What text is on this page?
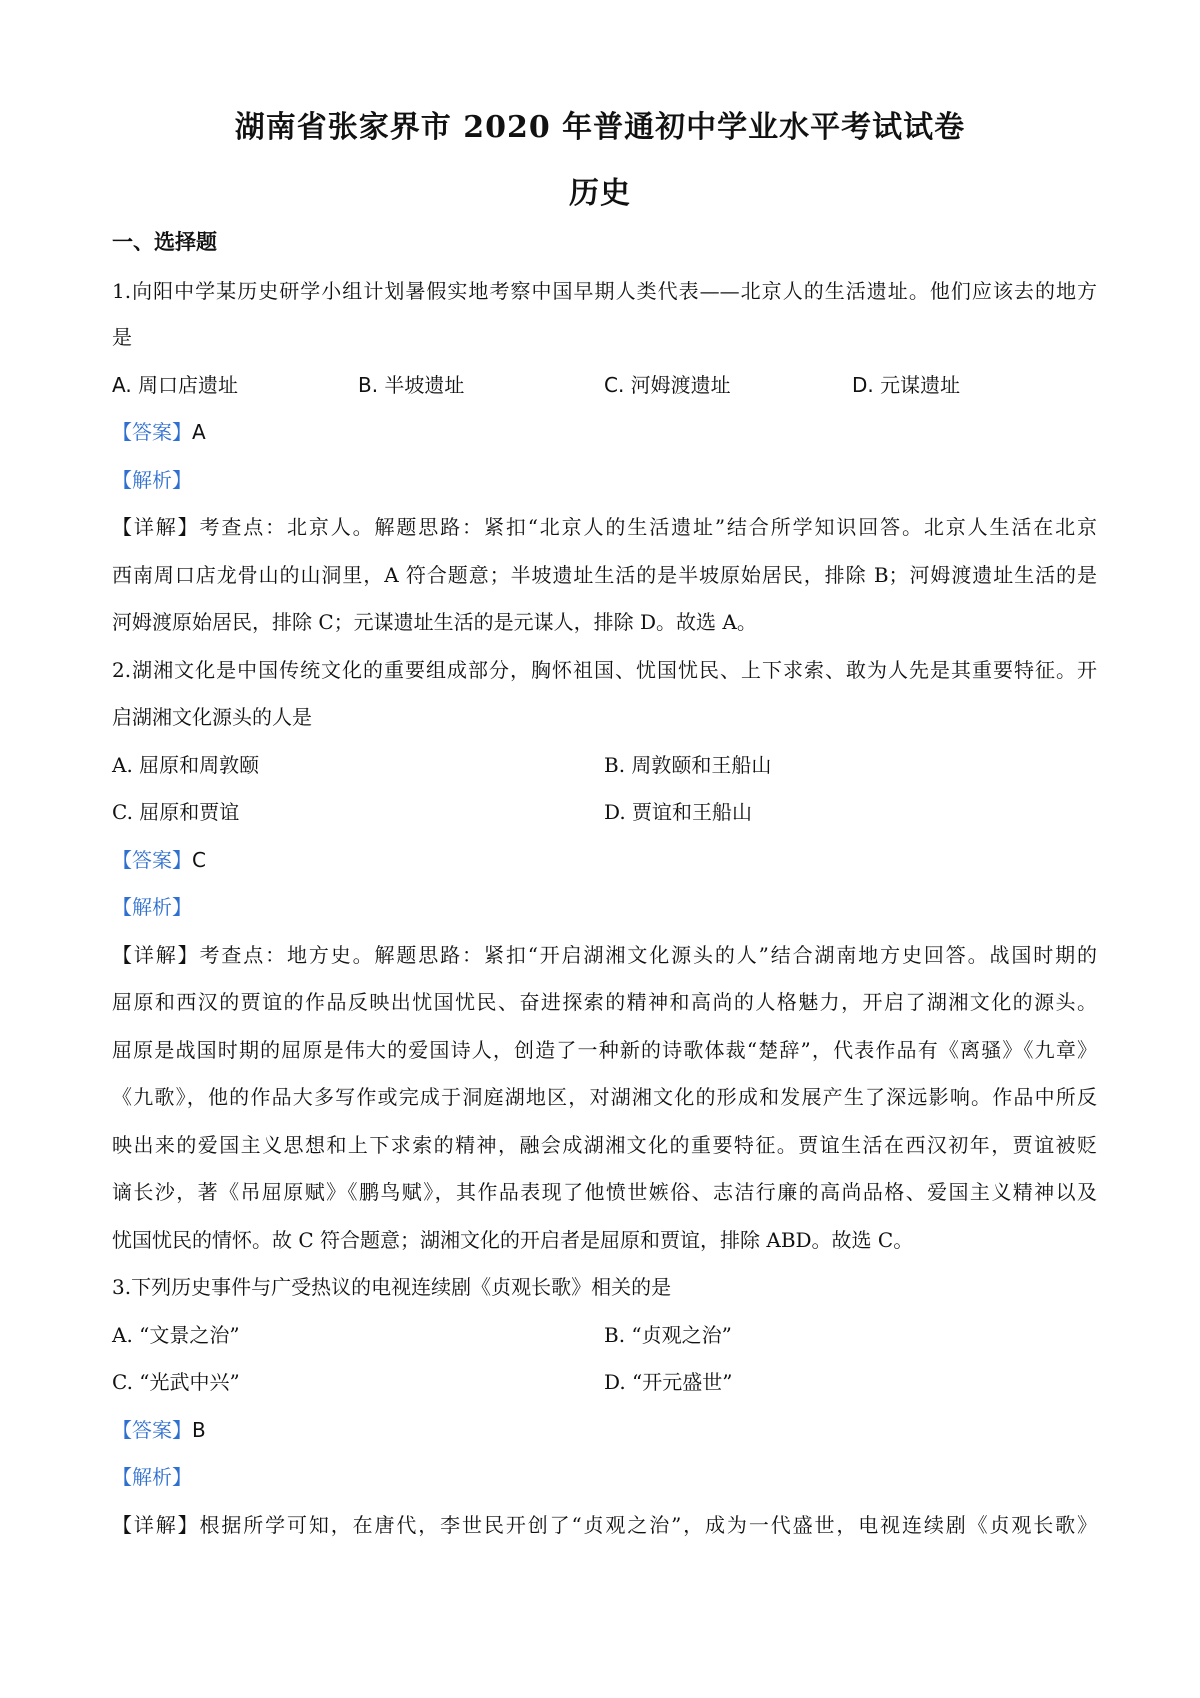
湖南省张家界市 2020 年普通初中学业水平考试试卷
历史
一、选择题
1.向阳中学某历史研学小组计划暑假实地考察中国早期人类代表——北京人的生活遗址。他们应该去的地方
是
A. 周口店遗址	B. 半坡遗址	C. 河姆渡遗址	D. 元谋遗址
【答案】A
【解析】
【详解】考查点：北京人。解题思路：紧扣“北京人的生活遗址”结合所学知识回答。北京人生活在北京
西南周口店龙骨山的山洞里，A 符合题意；半坡遗址生活的是半坡原始居民，排除 B；河姆渡遗址生活的是
河姆渡原始居民，排除 C；元谋遗址生活的是元谋人，排除 D。故选 A。
2.湖湘文化是中国传统文化的重要组成部分，胸怀祖国、忧国忧民、上下求索、敢为人先是其重要特征。开
启湖湘文化源头的人是
A. 屈原和周敦颐	B. 周敦颐和王船山
C. 屈原和贾谊	D. 贾谊和王船山
【答案】C
【解析】
【详解】考查点：地方史。解题思路：紧扣“开启湖湘文化源头的人”结合湖南地方史回答。战国时期的
屈原和西汉的贾谊的作品反映出忧国忧民、奋进探索的精神和高尚的人格魅力，开启了湖湘文化的源头。
屈原是战国时期的屈原是伟大的爱国诗人，创造了一种新的诗歌体裁“楚辞”，代表作品有《离骚》《九章》
《九歌》，他的作品大多写作或完成于洞庭湖地区，对湖湘文化的形成和发展产生了深远影响。作品中所反
映出来的爱国主义思想和上下求索的精神，融会成湖湘文化的重要特征。贾谊生活在西汉初年，贾谊被贬
谪长沙，著《吊屈原赋》《鹏鸟赋》，其作品表现了他愤世嫉俗、志洁行廉的高尚品格、爱国主义精神以及
忧国忧民的情怀。故 C 符合题意；湖湘文化的开启者是屈原和贾谊，排除 ABD。故选 C。
3.下列历史事件与广受热议的电视连续剧《贞观长歌》相关的是
A. “文景之治”	B. “贞观之治”
C. “光武中兴”	D. “开元盛世”
【答案】B
【解析】
【详解】根据所学可知，在唐代，李世民开创了“贞观之治”，成为一代盛世，电视连续剧《贞观长歌》
